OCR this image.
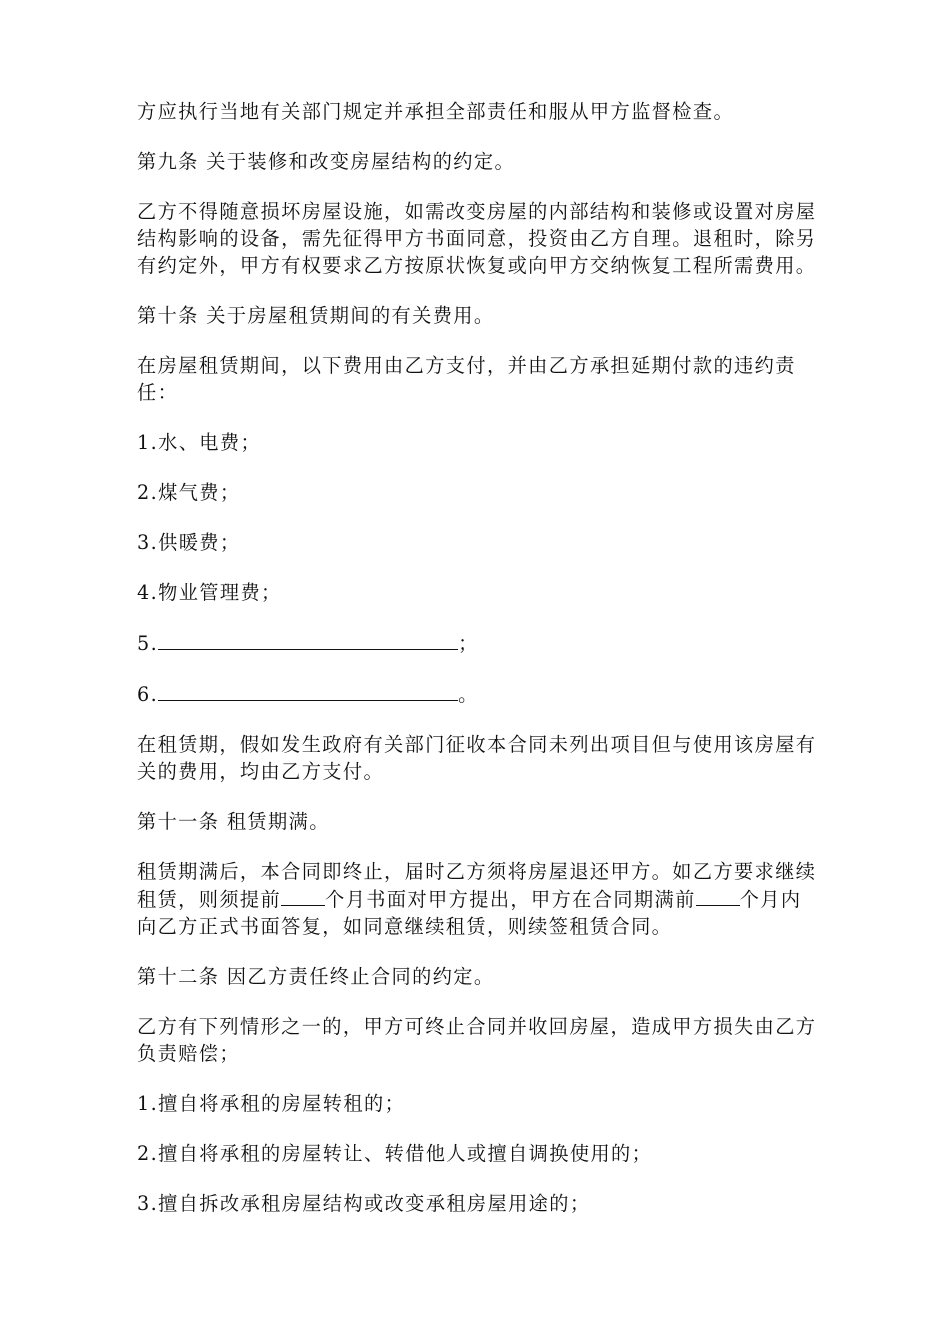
方应执行当地有关部门规定并承担全部责任和服从甲方监督检查。

第九条 关于装修和改变房屋结构的约定。

乙方不得随意损坏房屋设施，如需改变房屋的内部结构和装修或设置对房屋结构影响的设备，需先征得甲方书面同意，投资由乙方自理。退租时，除另有约定外，甲方有权要求乙方按原状恢复或向甲方交纳恢复工程所需费用。

第十条 关于房屋租赁期间的有关费用。

在房屋租赁期间，以下费用由乙方支付，并由乙方承担延期付款的违约责任：

1.水、电费；

2.煤气费；

3.供暖费；

4.物业管理费；

5.	；

6.	。

在租赁期，假如发生政府有关部门征收本合同未列出项目但与使用该房屋有关的费用，均由乙方支付。

第十一条 租赁期满。

租赁期满后，本合同即终止，届时乙方须将房屋退还甲方。如乙方要求继续租赁，则须提前 个月书面对甲方提出，甲方在合同期满前 个月内向乙方正式书面答复，如同意继续租赁，则续签租赁合同。

第十二条 因乙方责任终止合同的约定。

乙方有下列情形之一的，甲方可终止合同并收回房屋，造成甲方损失由乙方负责赔偿；

1.擅自将承租的房屋转租的；

2.擅自将承租的房屋转让、转借他人或擅自调换使用的；

3.擅自拆改承租房屋结构或改变承租房屋用途的；
